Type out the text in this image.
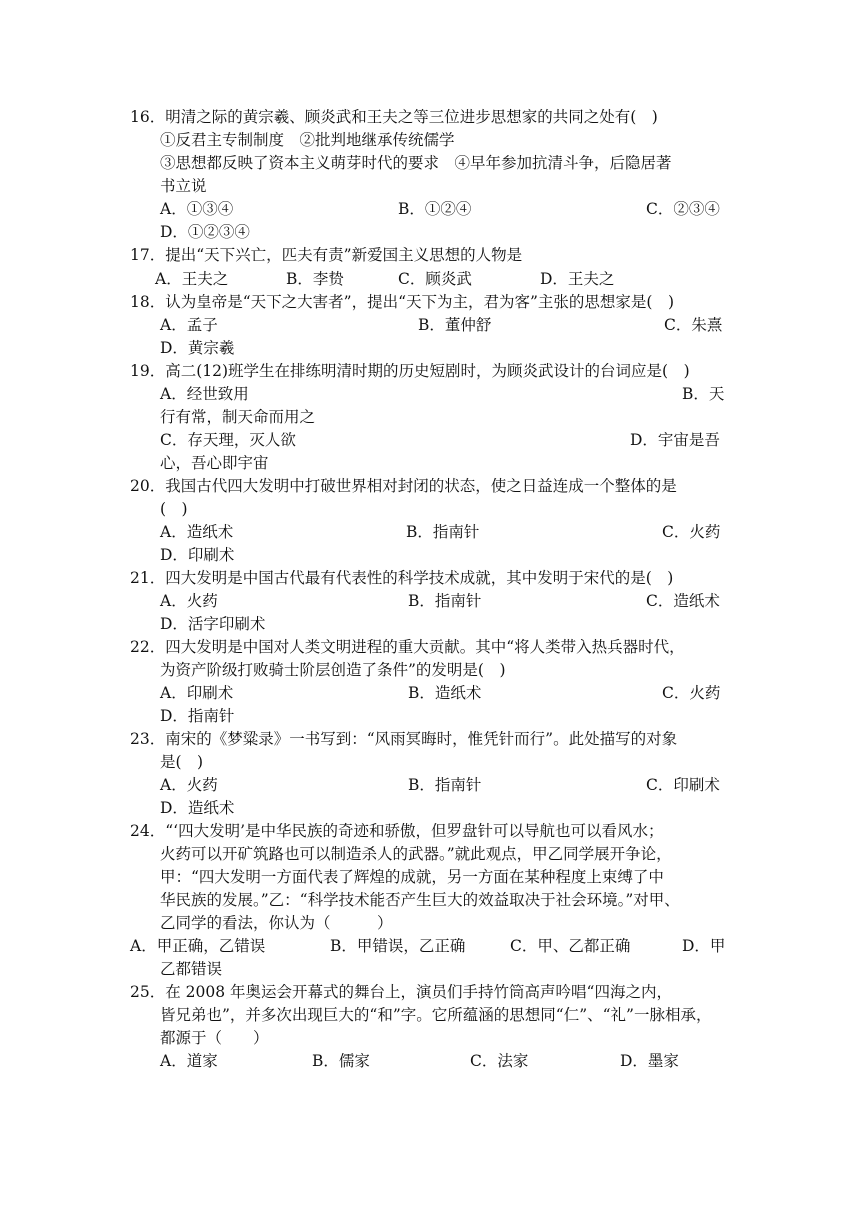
16．明清之际的黄宗羲、顾炎武和王夫之等三位进步思想家的共同之处有(　)
①反君主专制制度　②批判地继承传统儒学
③思想都反映了资本主义萌芽时代的要求　④早年参加抗清斗争，后隐居著
书立说
A．①③④	B．①②④	C．②③④
D．①②③④
17．提出“天下兴亡，匹夫有责”新爱国主义思想的人物是
A．王夫之	B．李贽	C．顾炎武	D．王夫之
18．认为皇帝是“天下之大害者”，提出“天下为主，君为客”主张的思想家是(　)
A．孟子	B．董仲舒	C．朱熹
D．黄宗羲
19．高二(12)班学生在排练明清时期的历史短剧时，为顾炎武设计的台词应是(　)
A．经世致用	B．天
行有常，制天命而用之
C．存天理，灭人欲	D．宇宙是吾
心，吾心即宇宙
20．我国古代四大发明中打破世界相对封闭的状态，使之日益连成一个整体的是
(　)
A．造纸术	B．指南针	C．火药
D．印刷术
21．四大发明是中国古代最有代表性的科学技术成就，其中发明于宋代的是(　)
A．火药	B．指南针	C．造纸术
D．活字印刷术
22．四大发明是中国对人类文明进程的重大贡献。其中“将人类带入热兵器时代，
为资产阶级打败骑士阶层创造了条件”的发明是(　)
A．印刷术	B．造纸术	C．火药
D．指南针
23．南宋的《梦粱录》一书写到：“风雨冥晦时，惟凭针而行”。此处描写的对象
是(　)
A．火药	B．指南针	C．印刷术
D．造纸术
24．“‘四大发明’是中华民族的奇迹和骄傲，但罗盘针可以导航也可以看风水；
火药可以开矿筑路也可以制造杀人的武器。”就此观点，甲乙同学展开争论，
甲：“四大发明一方面代表了辉煌的成就，另一方面在某种程度上束缚了中
华民族的发展。”乙：“科学技术能否产生巨大的效益取决于社会环境。”对甲、
乙同学的看法，你认为（　　　）
A．甲正确，乙错误	B．甲错误，乙正确	C．甲、乙都正确	D．甲
乙都错误
25．在 2008 年奥运会开幕式的舞台上，演员们手持竹筒高声吟唱“四海之内，
皆兄弟也”，并多次出现巨大的“和”字。它所蕴涵的思想同“仁”、“礼”一脉相承，
都源于（　　）
A．道家	B．儒家	C．法家	D．墨家
